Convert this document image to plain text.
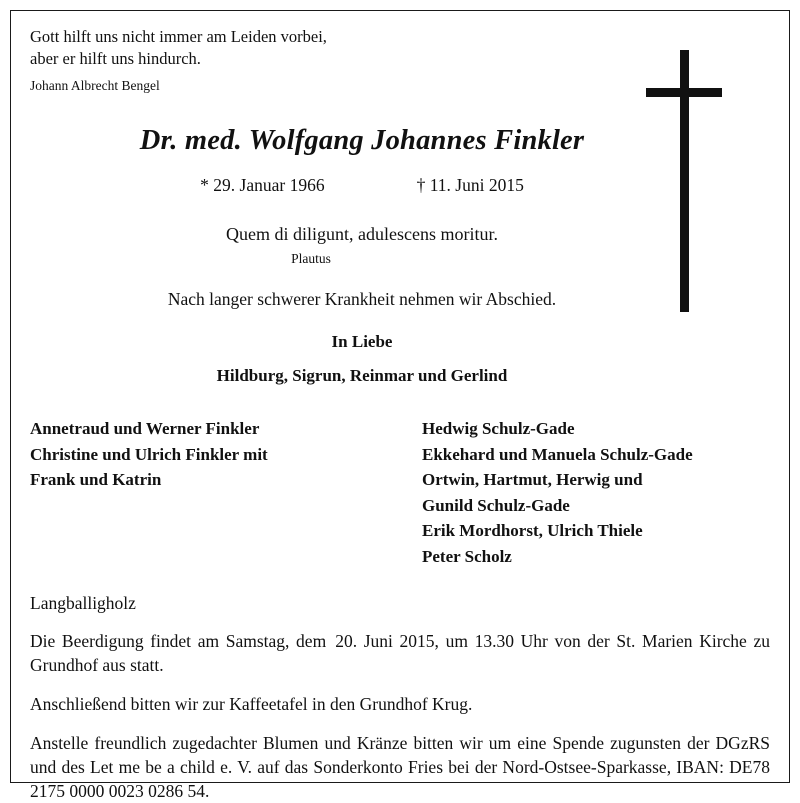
Gott hilft uns nicht immer am Leiden vorbei,
aber er hilft uns hindurch.
Johann Albrecht Bengel
Dr. med. Wolfgang Johannes Finkler
* 29. Januar 1966	† 11. Juni 2015
Quem di diligunt, adulescens moritur.
Plautus
Nach langer schwerer Krankheit nehmen wir Abschied.
In Liebe
Hildburg, Sigrun, Reinmar und Gerlind
Annetraud und Werner Finkler
Christine und Ulrich Finkler mit
Frank und Katrin
Hedwig Schulz-Gade
Ekkehard und Manuela Schulz-Gade
Ortwin, Hartmut, Herwig und
Gunild Schulz-Gade
Erik Mordhorst, Ulrich Thiele
Peter Scholz
Langballigholz
Die Beerdigung findet am Samstag, dem 20. Juni 2015, um 13.30 Uhr von der St. Marien Kirche zu Grundhof aus statt.
Anschließend bitten wir zur Kaffeetafel in den Grundhof Krug.
Anstelle freundlich zugedachter Blumen und Kränze bitten wir um eine Spende zugunsten der DGzRS und des Let me be a child e. V. auf das Sonderkonto Fries bei der Nord-Ostsee-Sparkasse, IBAN: DE78 2175 0000 0023 0286 54.
